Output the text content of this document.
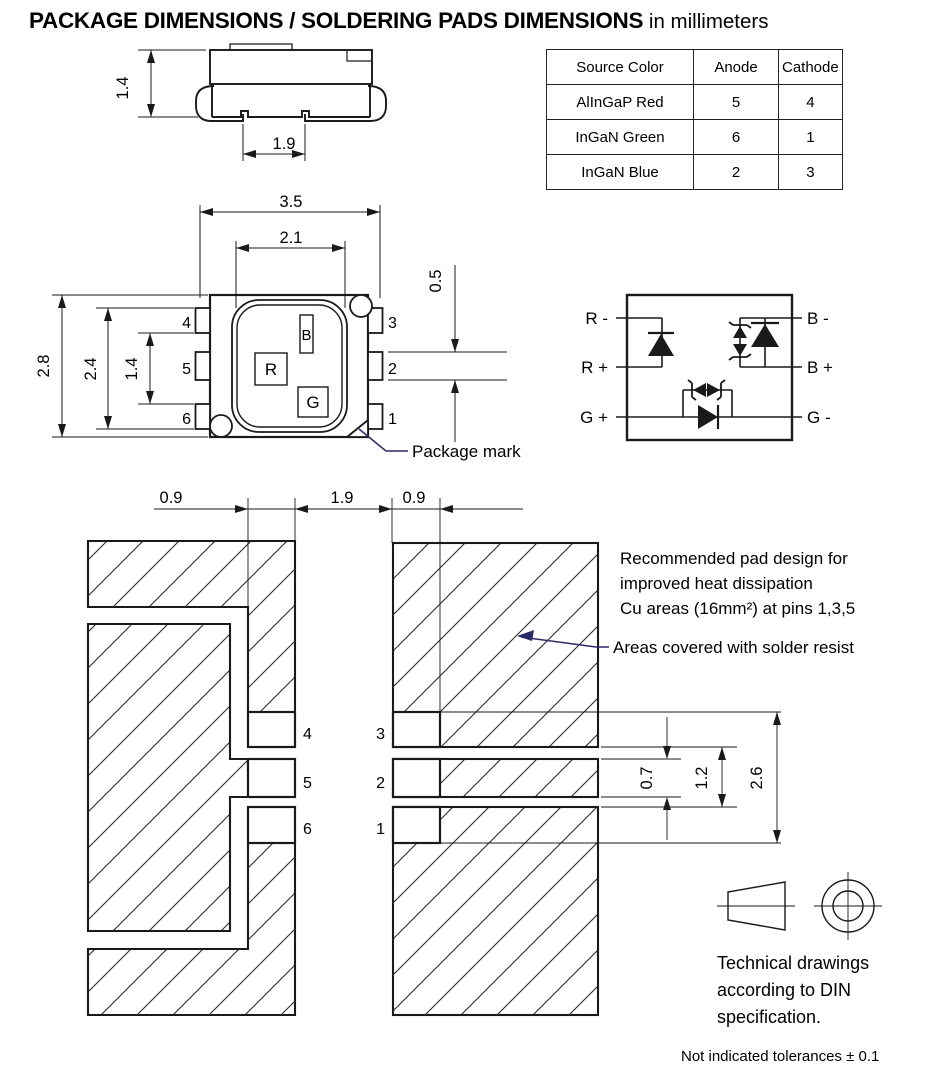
PACKAGE DIMENSIONS / SOLDERING PADS DIMENSIONS in millimeters
Source Color	Anode	Cathode
AlInGaP Red	5	4
InGaN Green	6	1
InGaN Blue	2	3
1.4
1.9
3.5
2.1
2.8 2.4 1.4
0.5
4
5
6
3
2
1
B
R
G
Package mark
R -
R +
G +
B -
B +
G -
0.9	1.9	0.9
0.7 1.2 2.6
4
5
6
3
2
1
Recommended pad design for
improved heat dissipation
Cu areas (16mm²) at pins 1,3,5
Areas covered with solder resist
Technical drawings
according to DIN
specification.
Not indicated tolerances ± 0.1
